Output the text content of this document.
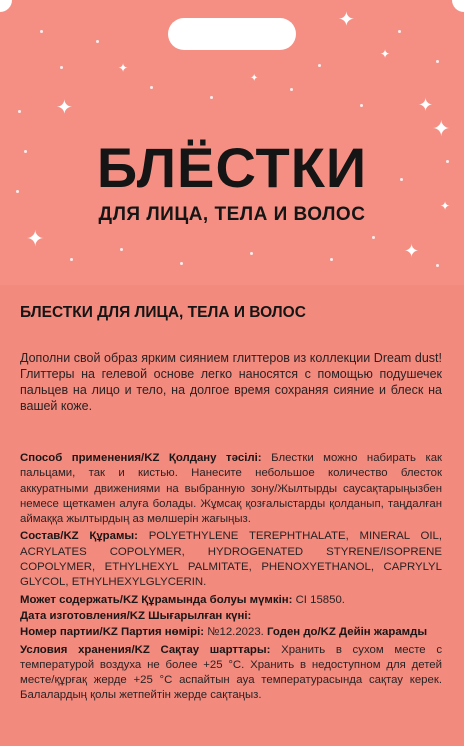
✦
✦
✦
✦
✦	✦
✦
✦
✦
✦
БЛЁСТКИ
ДЛЯ ЛИЦА, ТЕЛА И ВОЛОС
БЛЕСТКИ ДЛЯ ЛИЦА, ТЕЛА И ВОЛОС
Дополни свой образ ярким сиянием глиттеров из коллекции Dream dust! Глиттеры на гелевой основе легко наносятся с помощью подушечек пальцев на лицо и тело, на долгое время сохраняя сияние и блеск на вашей коже.
Способ применения/KZ Қолдану тәсілі: Блестки можно набирать как пальцами, так и кистью. Нанесите небольшое количество блесток аккуратными движениями на выбранную зону/Жылтырды саусақтарыңызбен немесе щеткамен алуға болады. Жұмсақ қозғалыстарды қолданып, таңдалған аймаққа жылтырдың аз мөлшерін жағыңыз.
Состав/KZ Құрамы: POLYETHYLENE TEREPHTHALATE, MINERAL OIL, ACRYLATES COPOLYMER, HYDROGENATED STYRENE/ISOPRENE COPOLYMER, ETHYLHEXYL PALMITATE, PHENOXYETHANOL, CAPRYLYL GLYCOL, ETHYLHEXYLGLYCERIN.
Может содержать/KZ Құрамында болуы мүмкін: CI 15850.
Дата изготовления/KZ Шығарылған күні:
Номер партии/KZ Партия нөмірі: №12.2023. Годен до/KZ Дейін жарамды
Условия хранения/KZ Сақтау шарттары: Хранить в сухом месте с температурой воздуха не более +25 °С. Хранить в недоступном для детей месте/құрғақ жерде +25 °С аспайтын ауа температурасында сақтау керек. Балалардың қолы жетпейтін жерде сақтаңыз.
